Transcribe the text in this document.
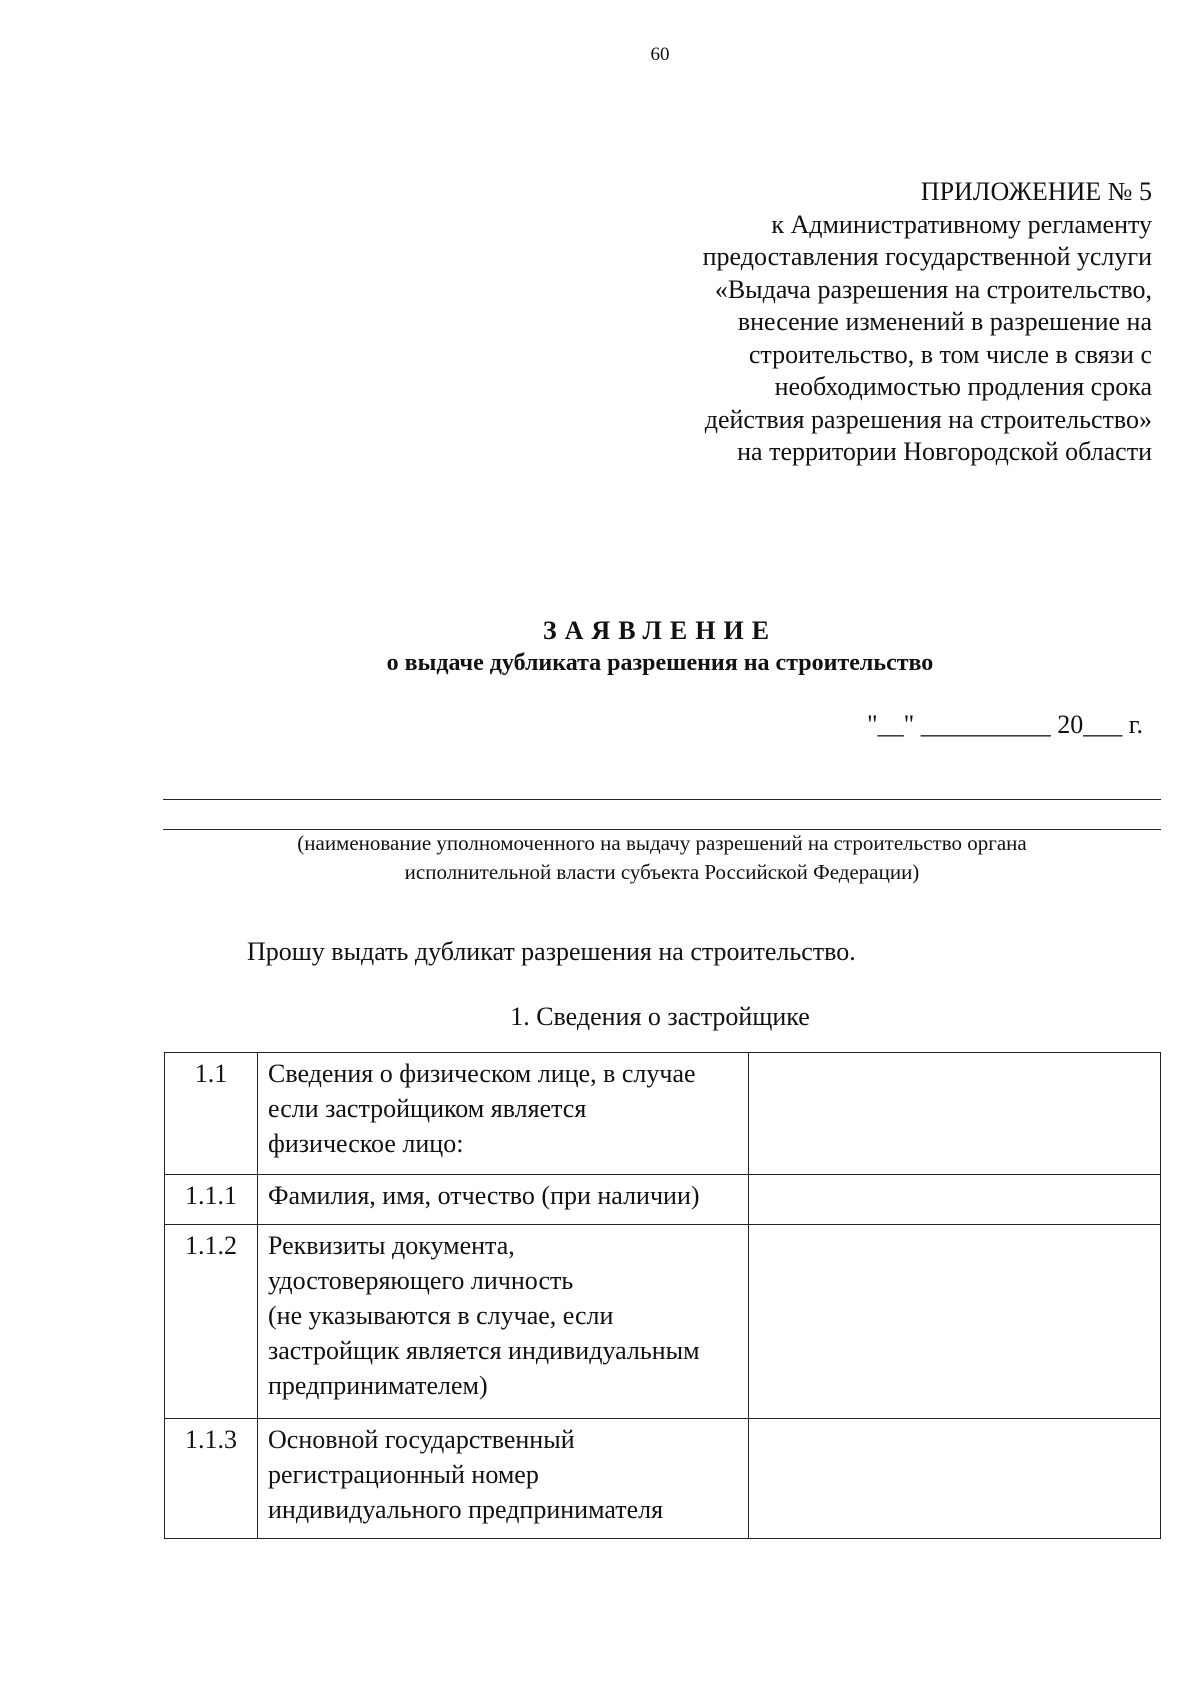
60
ПРИЛОЖЕНИЕ № 5
к Административному регламенту
предоставления государственной услуги
«Выдача разрешения на строительство,
внесение изменений в разрешение на
строительство, в том числе в связи с
необходимостью продления срока
действия разрешения на строительство»
на территории Новгородской области
ЗАЯВЛЕНИЕ
о выдаче дубликата разрешения на строительство
"__" __________ 20___ г.
(наименование уполномоченного на выдачу разрешений на строительство органа
исполнительной власти субъекта Российской Федерации)
Прошу выдать дубликат разрешения на строительство.
1. Сведения о застройщике
1.1	Сведения о физическом лице, в случае
если застройщиком является
физическое лицо:	

1.1.1	Фамилия, имя, отчество (при наличии)	

1.1.2	Реквизиты документа,
удостоверяющего личность
(не указываются в случае, если
застройщик является индивидуальным
предпринимателем)	

1.1.3	Основной государственный
регистрационный номер
индивидуального предпринимателя	
